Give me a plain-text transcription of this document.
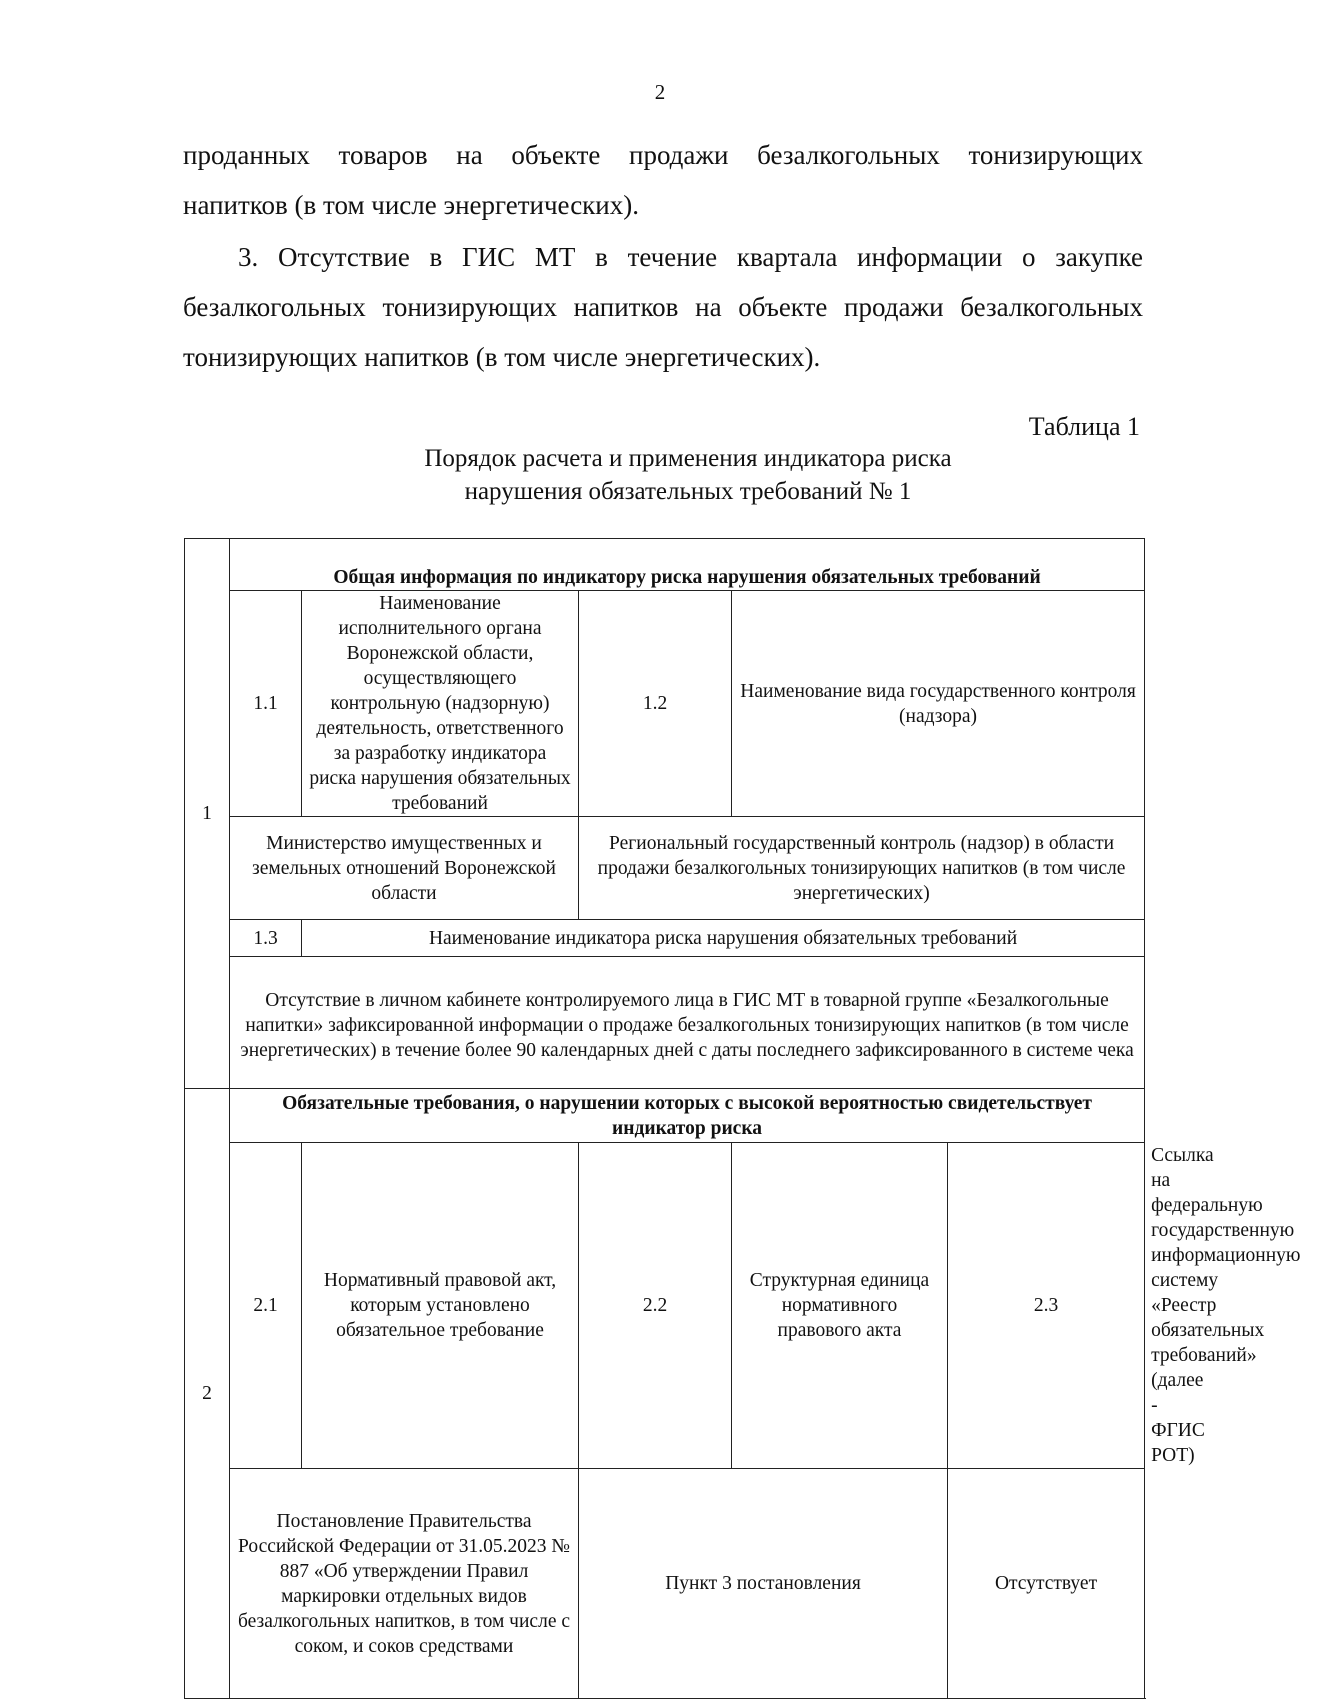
2

проданных товаров на объекте продажи безалкогольных тонизирующих

напитков (в том числе энергетических).

3. Отсутствие в ГИС МТ в течение квартала информации о закупке безалкогольных тонизирующих напитков на объекте продажи безалкогольных тонизирующих напитков (в том числе энергетических).

Таблица 1
Порядок расчета и применения индикатора риска
нарушения обязательных требований № 1
1	Общая информация по индикатору риска нарушения обязательных требований					
	1.1	Наименование исполнительного органа Воронежской области, осуществляющего контрольную (надзорную) деятельность, ответственного за разработку индикатора риска нарушения обязательных требований	1.2	Наименование вида государственного контроля (надзора)		
	Министерство имущественных и земельных отношений Воронежской области		Региональный государственный контроль (надзор) в области продажи безалкогольных тонизирующих напитков (в том числе энергетических)			
	1.3	Наименование индикатора риска нарушения обязательных требований				
	Отсутствие в личном кабинете контролируемого лица в ГИС МТ в товарной группе «Безалкогольные напитки» зафиксированной информации о продаже безалкогольных тонизирующих напитков (в том числе энергетических) в течение более 90 календарных дней с даты последнего зафиксированного в системе чека					

2	Обязательные требования, о нарушении которых с высокой вероятностью свидетельствует индикатор риска					
	2.1	Нормативный правовой акт, которым установлено обязательное требование	2.2	Структурная единица нормативного правового акта	2.3	Ссылка на федеральную государственную информационную систему «Реестр обязательных требований» (далее - ФГИС РОТ)
	Постановление Правительства Российской Федерации от 31.05.2023 № 887 «Об утверждении Правил маркировки отдельных видов безалкогольных напитков, в том числе с соком, и соков средствами		Пункт 3 постановления		Отсутствует	
